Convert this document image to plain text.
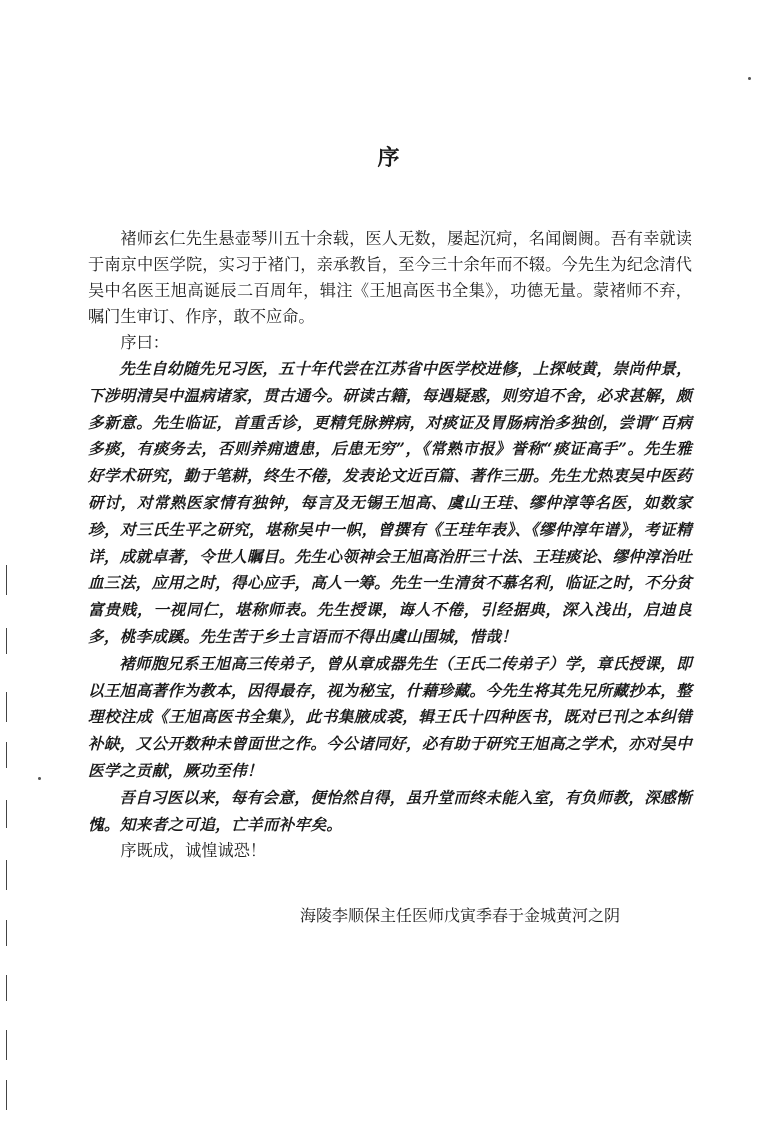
序

褚师玄仁先生悬壶琴川五十余载，医人无数，屡起沉疴，名闻阛阓。吾有幸就读于南京中医学院，实习于褚门，亲承教旨，至今三十余年而不辍。今先生为纪念清代吴中名医王旭高诞辰二百周年，辑注《王旭高医书全集》，功德无量。蒙褚师不弃，嘱门生审订、作序，敢不应命。

序曰：

先生自幼随先兄习医，五十年代尝在江苏省中医学校进修，上探岐黄，崇尚仲景，下涉明清吴中温病诸家，贯古通今。研读古籍，每遇疑惑，则穷追不舍，必求甚解，颇多新意。先生临证，首重舌诊，更精凭脉辨病，对痰证及胃肠病治多独创，尝谓“百病多痰，有痰务去，否则养痈遗患，后患无穷”，《常熟市报》誉称“痰证高手”。先生雅好学术研究，勤于笔耕，终生不倦，发表论文近百篇、著作三册。先生尤热衷吴中医药研讨，对常熟医家情有独钟，每言及无锡王旭高、虞山王珪、缪仲淳等名医，如数家珍，对三氏生平之研究，堪称吴中一帜，曾撰有《王珪年表》、《缪仲淳年谱》，考证精详，成就卓著，令世人瞩目。先生心领神会王旭高治肝三十法、王珪痰论、缪仲淳治吐血三法，应用之时，得心应手，高人一筹。先生一生清贫不慕名利，临证之时，不分贫富贵贱，一视同仁，堪称师表。先生授课，诲人不倦，引经据典，深入浅出，启迪良多，桃李成蹊。先生苦于乡土言语而不得出虞山围城，惜哉！

褚师胞兄系王旭高三传弟子，曾从章成器先生（王氏二传弟子）学，章氏授课，即以王旭高著作为教本，因得最存，视为秘宝，什藉珍藏。今先生将其先兄所藏抄本，整理校注成《王旭高医书全集》，此书集腋成裘，辑王氏十四种医书，既对已刊之本纠错补缺，又公开数种未曾面世之作。今公诸同好，必有助于研究王旭高之学术，亦对吴中医学之贡献，厥功至伟！

吾自习医以来，每有会意，便怡然自得，虽升堂而终未能入室，有负师教，深感惭愧。知来者之可追，亡羊而补牢矣。

序既成，诚惶诚恐！

海陵李顺保主任医师戊寅季春于金城黄河之阴
